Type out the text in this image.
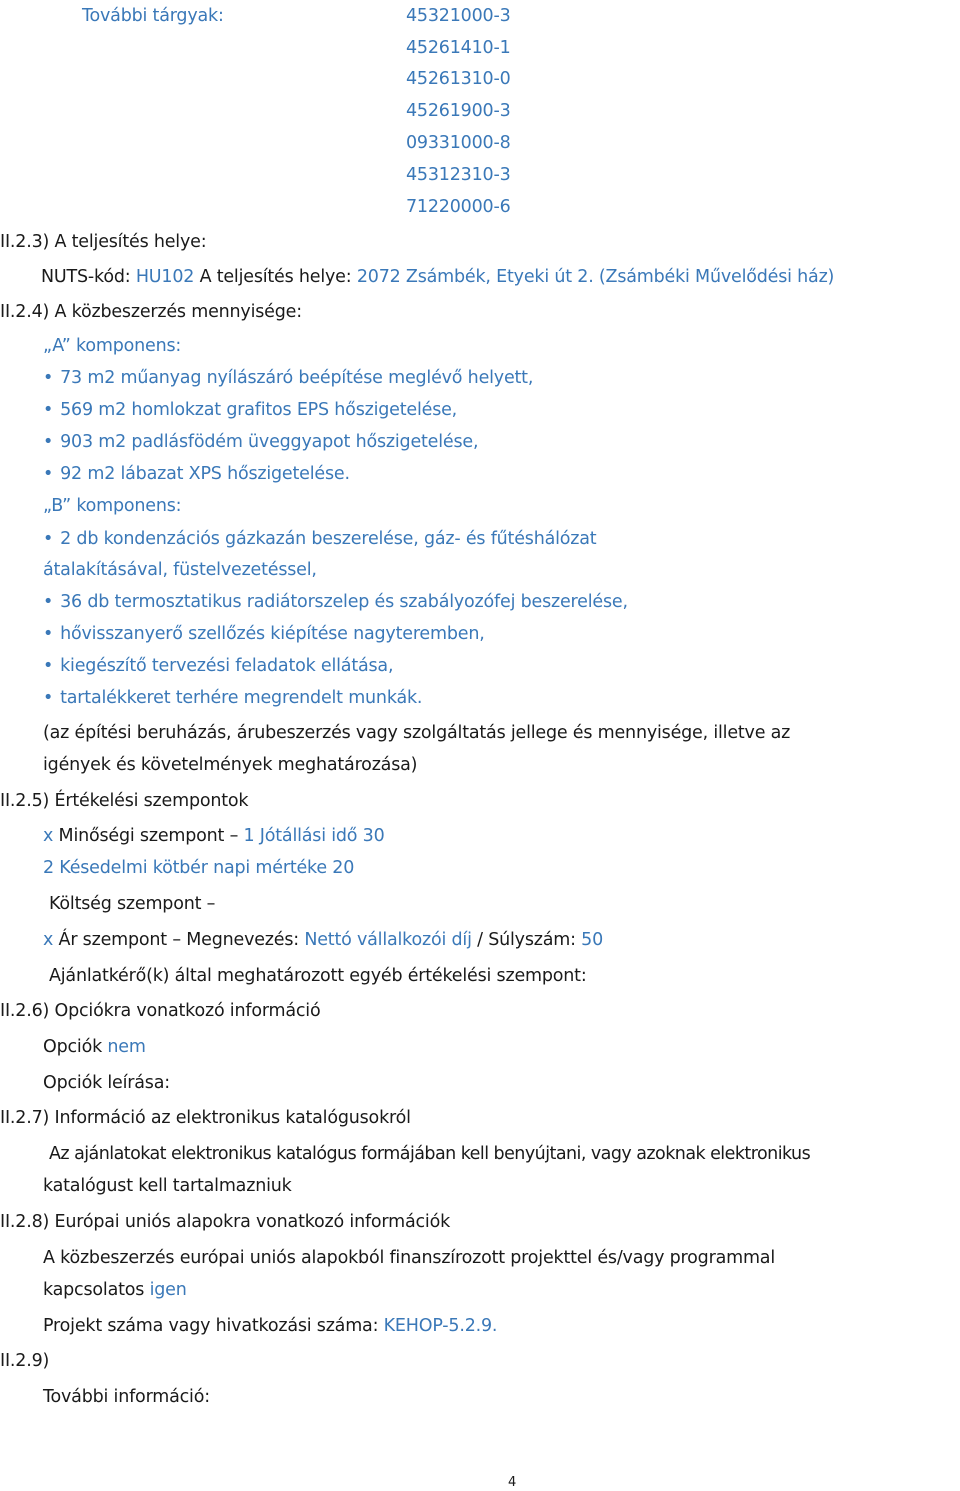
További tárgyak:	45321000-3
45261410-1
45261310-0
45261900-3
09331000-8
45312310-3
71220000-6
II.2.3) A teljesítés helye:
NUTS-kód: HU102 A teljesítés helye: 2072 Zsámbék, Etyeki út 2. (Zsámbéki Művelődési ház)
II.2.4) A közbeszerzés mennyisége:
„A” komponens:
• 73 m2 műanyag nyílászáró beépítése meglévő helyett,
• 569 m2 homlokzat grafitos EPS hőszigetelése,
• 903 m2 padlásfödém üveggyapot hőszigetelése,
• 92 m2 lábazat XPS hőszigetelése.
„B” komponens:
• 2 db kondenzációs gázkazán beszerelése, gáz- és fűtéshálózat
átalakításával, füstelvezetéssel,
• 36 db termosztatikus radiátorszelep és szabályozófej beszerelése,
• hővisszanyerő szellőzés kiépítése nagyteremben,
• kiegészítő tervezési feladatok ellátása,
• tartalékkeret terhére megrendelt munkák.
(az építési beruházás, árubeszerzés vagy szolgáltatás jellege és mennyisége, illetve az
igények és követelmények meghatározása)
II.2.5) Értékelési szempontok
x Minőségi szempont – 1 Jótállási idő 30
2 Késedelmi kötbér napi mértéke 20
Költség szempont –
x Ár szempont – Megnevezés: Nettó vállalkozói díj / Súlyszám: 50
Ajánlatkérő(k) által meghatározott egyéb értékelési szempont:
II.2.6) Opciókra vonatkozó információ
Opciók nem
Opciók leírása:
II.2.7) Információ az elektronikus katalógusokról
Az ajánlatokat elektronikus katalógus formájában kell benyújtani, vagy azoknak elektronikus
katalógust kell tartalmazniuk
II.2.8) Európai uniós alapokra vonatkozó információk
A közbeszerzés európai uniós alapokból finanszírozott projekttel és/vagy programmal
kapcsolatos igen
Projekt száma vagy hivatkozási száma: KEHOP-5.2.9.
II.2.9)
További információ:
4
